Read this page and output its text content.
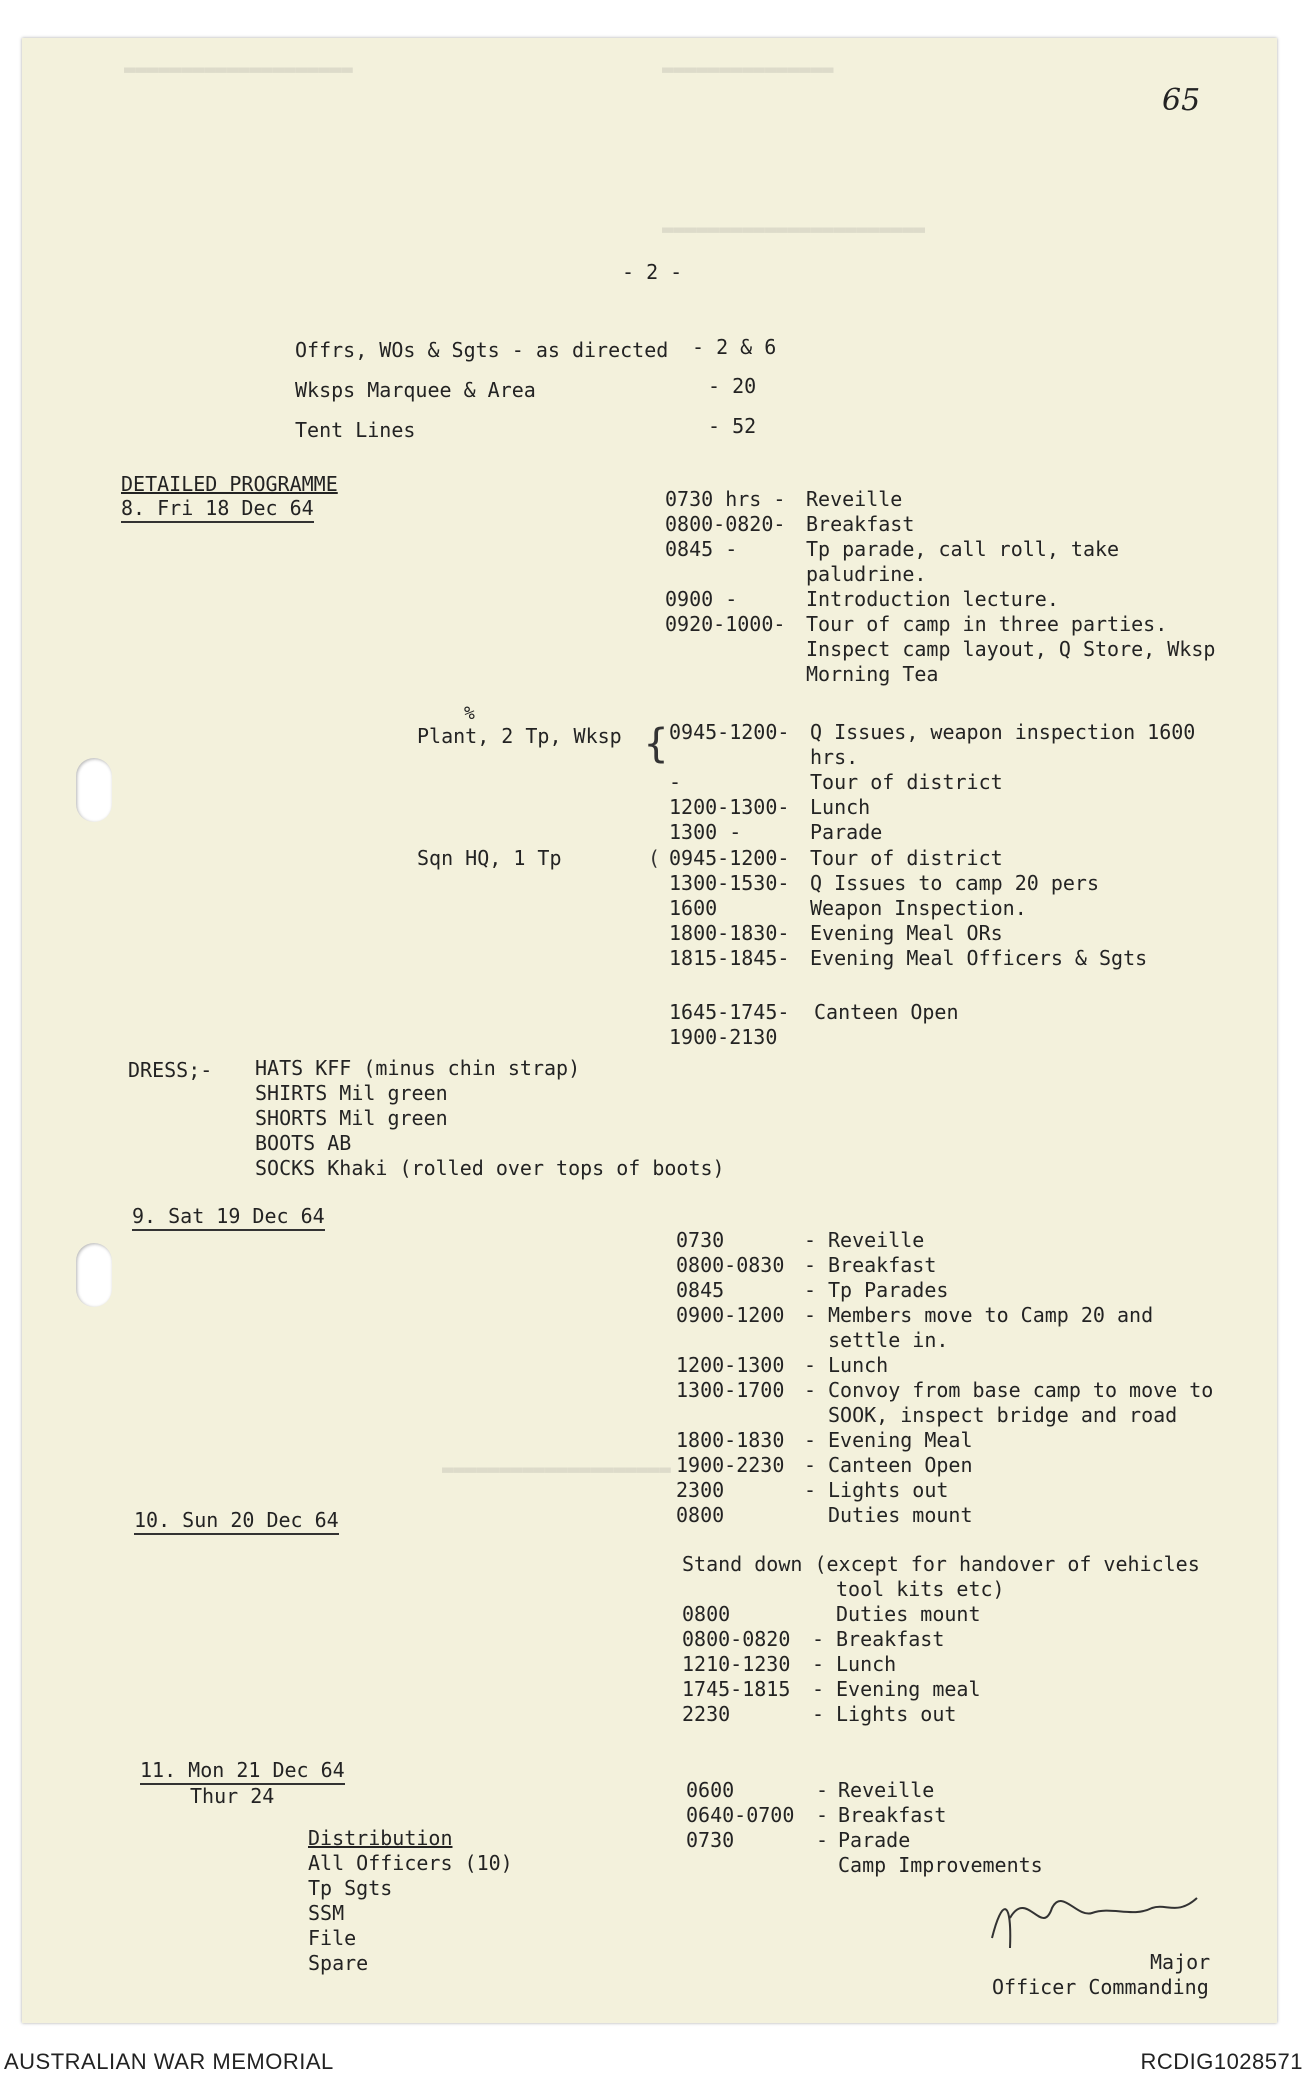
▬▬▬▬▬▬▬▬▬▬▬▬▬▬▬▬▬▬▬▬	▬▬▬▬▬▬▬▬▬▬▬▬▬▬▬
▬▬▬▬▬▬▬▬▬▬▬▬▬▬▬▬▬▬▬▬▬▬▬
▬▬▬▬▬▬▬▬▬▬▬▬▬▬▬▬▬▬▬▬
65
- 2 -
Offrs, WOs & Sgts - as directed - 2 & 6
Wksps Marquee & Area	- 20
Tent Lines	- 52
DETAILED PROGRAMME
8. Fri 18 Dec 64	0730 hrs - Reveille
0800-0820- Breakfast
0845 -	Tp parade, call roll, take
paludrine.
0900 -	Introduction lecture.
0920-1000- Tour of camp in three parties.
Inspect camp layout, Q Store, Wksp
Morning Tea
%
Plant, 2 Tp, Wksp { 0945-1200- Q Issues, weapon inspection 1600
hrs.
-	Tour of district
1200-1300- Lunch
1300 -	Parade
Sqn HQ, 1 Tp	( 0945-1200- Tour of district
1300-1530- Q Issues to camp 20 pers
1600	Weapon Inspection.
1800-1830- Evening Meal ORs
1815-1845- Evening Meal Officers & Sgts
1645-1745- Canteen Open
1900-2130
DRESS;- HATS KFF (minus chin strap)
SHIRTS Mil green
SHORTS Mil green
BOOTS AB
SOCKS Khaki (rolled over tops of boots)
9. Sat 19 Dec 64
0730	- Reveille
0800-0830 - Breakfast
0845	- Tp Parades
0900-1200 - Members move to Camp 20 and
settle in.
1200-1300 - Lunch
1300-1700 - Convoy from base camp to move to
SOOK, inspect bridge and road
1800-1830 - Evening Meal
1900-2230 - Canteen Open
2300	- Lights out
0800	Duties mount
10. Sun 20 Dec 64
Stand down (except for handover of vehicles
tool kits etc)
0800	Duties mount
0800-0820 - Breakfast
1210-1230 - Lunch
1745-1815 - Evening meal
2230	- Lights out
11. Mon 21 Dec 64
Thur 24	0600	- Reveille
0640-0700 - Breakfast
0730	- Parade
Camp Improvements
Distribution
All Officers (10)
Tp Sgts
SSM
File
Spare	Major
Officer Commanding
AUSTRALIAN WAR MEMORIAL	RCDIG1028571
